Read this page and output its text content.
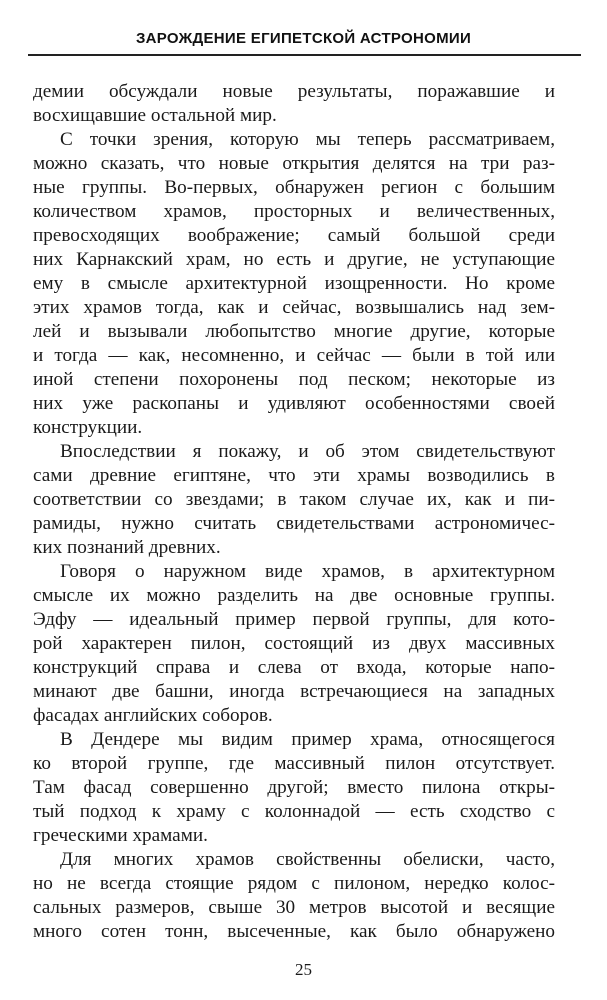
ЗАРОЖДЕНИЕ ЕГИПЕТСКОЙ АСТРОНОМИИ
демии обсуждали новые результаты, поражавшие и
восхищавшие остальной мир.
С точки зрения, которую мы теперь рассматриваем,
можно сказать, что новые открытия делятся на три раз-
ные группы. Во-первых, обнаружен регион с большим
количеством храмов, просторных и величественных,
превосходящих воображение; самый большой среди
них Карнакский храм, но есть и другие, не уступающие
ему в смысле архитектурной изощренности. Но кроме
этих храмов тогда, как и сейчас, возвышались над зем-
лей и вызывали любопытство многие другие, которые
и тогда — как, несомненно, и сейчас — были в той или
иной степени похоронены под песком; некоторые из
них уже раскопаны и удивляют особенностями своей
конструкции.
Впоследствии я покажу, и об этом свидетельствуют
сами древние египтяне, что эти храмы возводились в
соответствии со звездами; в таком случае их, как и пи-
рамиды, нужно считать свидетельствами астрономичес-
ких познаний древних.
Говоря о наружном виде храмов, в архитектурном
смысле их можно разделить на две основные группы.
Эдфу — идеальный пример первой группы, для кото-
рой характерен пилон, состоящий из двух массивных
конструкций справа и слева от входа, которые напо-
минают две башни, иногда встречающиеся на западных
фасадах английских соборов.
В Дендере мы видим пример храма, относящегося
ко второй группе, где массивный пилон отсутствует.
Там фасад совершенно другой; вместо пилона откры-
тый подход к храму с колоннадой — есть сходство с
греческими храмами.
Для многих храмов свойственны обелиски, часто,
но не всегда стоящие рядом с пилоном, нередко колос-
сальных размеров, свыше 30 метров высотой и весящие
много сотен тонн, высеченные, как было обнаружено
25
